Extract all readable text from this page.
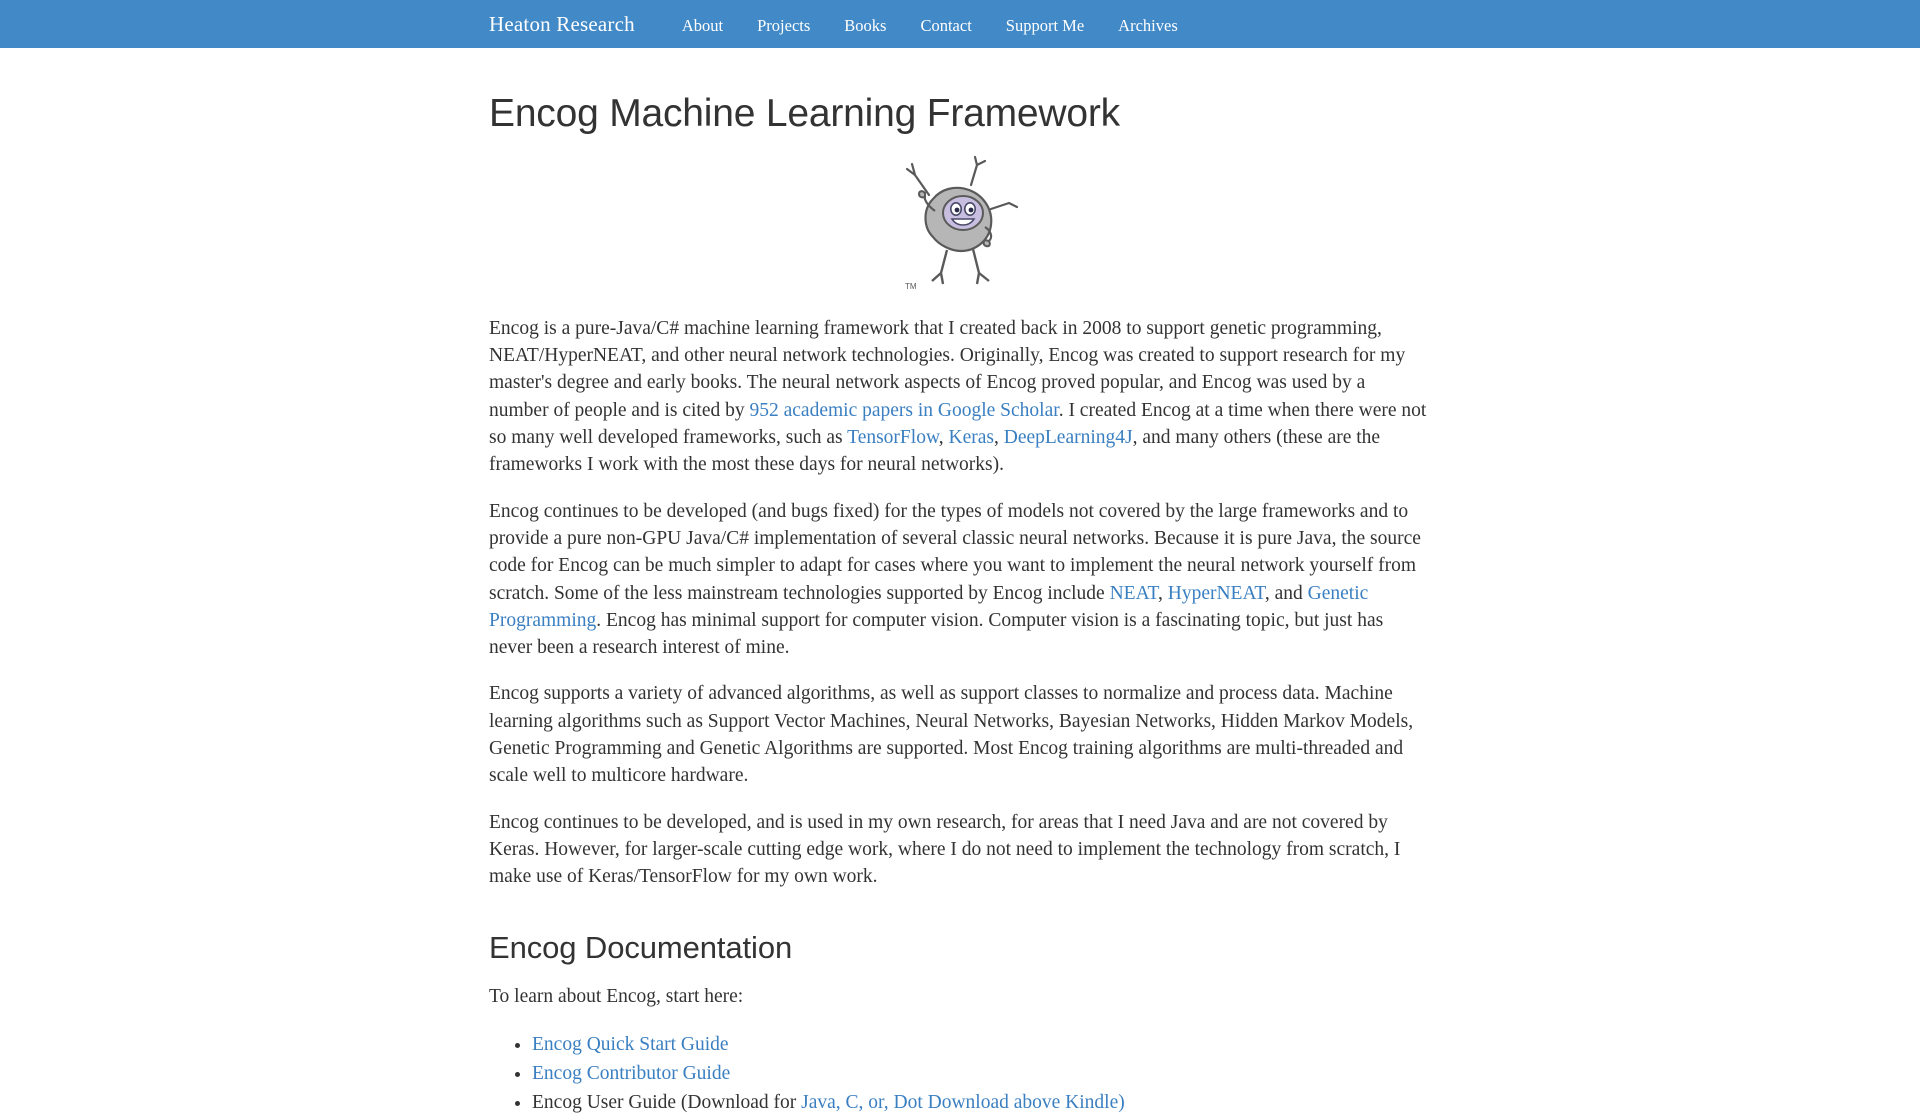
Heaton Research	About	Projects	Books	Contact	Support Me	Archives
Encog Machine Learning Framework
TM

Encog is a pure-Java/C# machine learning framework that I created back in 2008 to support genetic programming, NEAT/HyperNEAT, and other neural network technologies. Originally, Encog was created to support research for my master's degree and early books. The neural network aspects of Encog proved popular, and Encog was used by a number of people and is cited by 952 academic papers in Google Scholar. I created Encog at a time when there were not so many well developed frameworks, such as TensorFlow, Keras, DeepLearning4J, and many others (these are the frameworks I work with the most these days for neural networks).

Encog continues to be developed (and bugs fixed) for the types of models not covered by the large frameworks and to provide a pure non-GPU Java/C# implementation of several classic neural networks. Because it is pure Java, the source code for Encog can be much simpler to adapt for cases where you want to implement the neural network yourself from scratch. Some of the less mainstream technologies supported by Encog include NEAT, HyperNEAT, and Genetic Programming. Encog has minimal support for computer vision. Computer vision is a fascinating topic, but just has never been a research interest of mine.

Encog supports a variety of advanced algorithms, as well as support classes to normalize and process data. Machine learning algorithms such as Support Vector Machines, Neural Networks, Bayesian Networks, Hidden Markov Models, Genetic Programming and Genetic Algorithms are supported. Most Encog training algorithms are multi-threaded and scale well to multicore hardware.

Encog continues to be developed, and is used in my own research, for areas that I need Java and are not covered by Keras. However, for larger-scale cutting edge work, where I do not need to implement the technology from scratch, I make use of Keras/TensorFlow for my own work.

Encog Documentation

To learn about Encog, start here:

• Encog Quick Start Guide
• Encog Contributor Guide
• Encog User Guide (Download for Java, C, or, Dot Download above Kindle)
